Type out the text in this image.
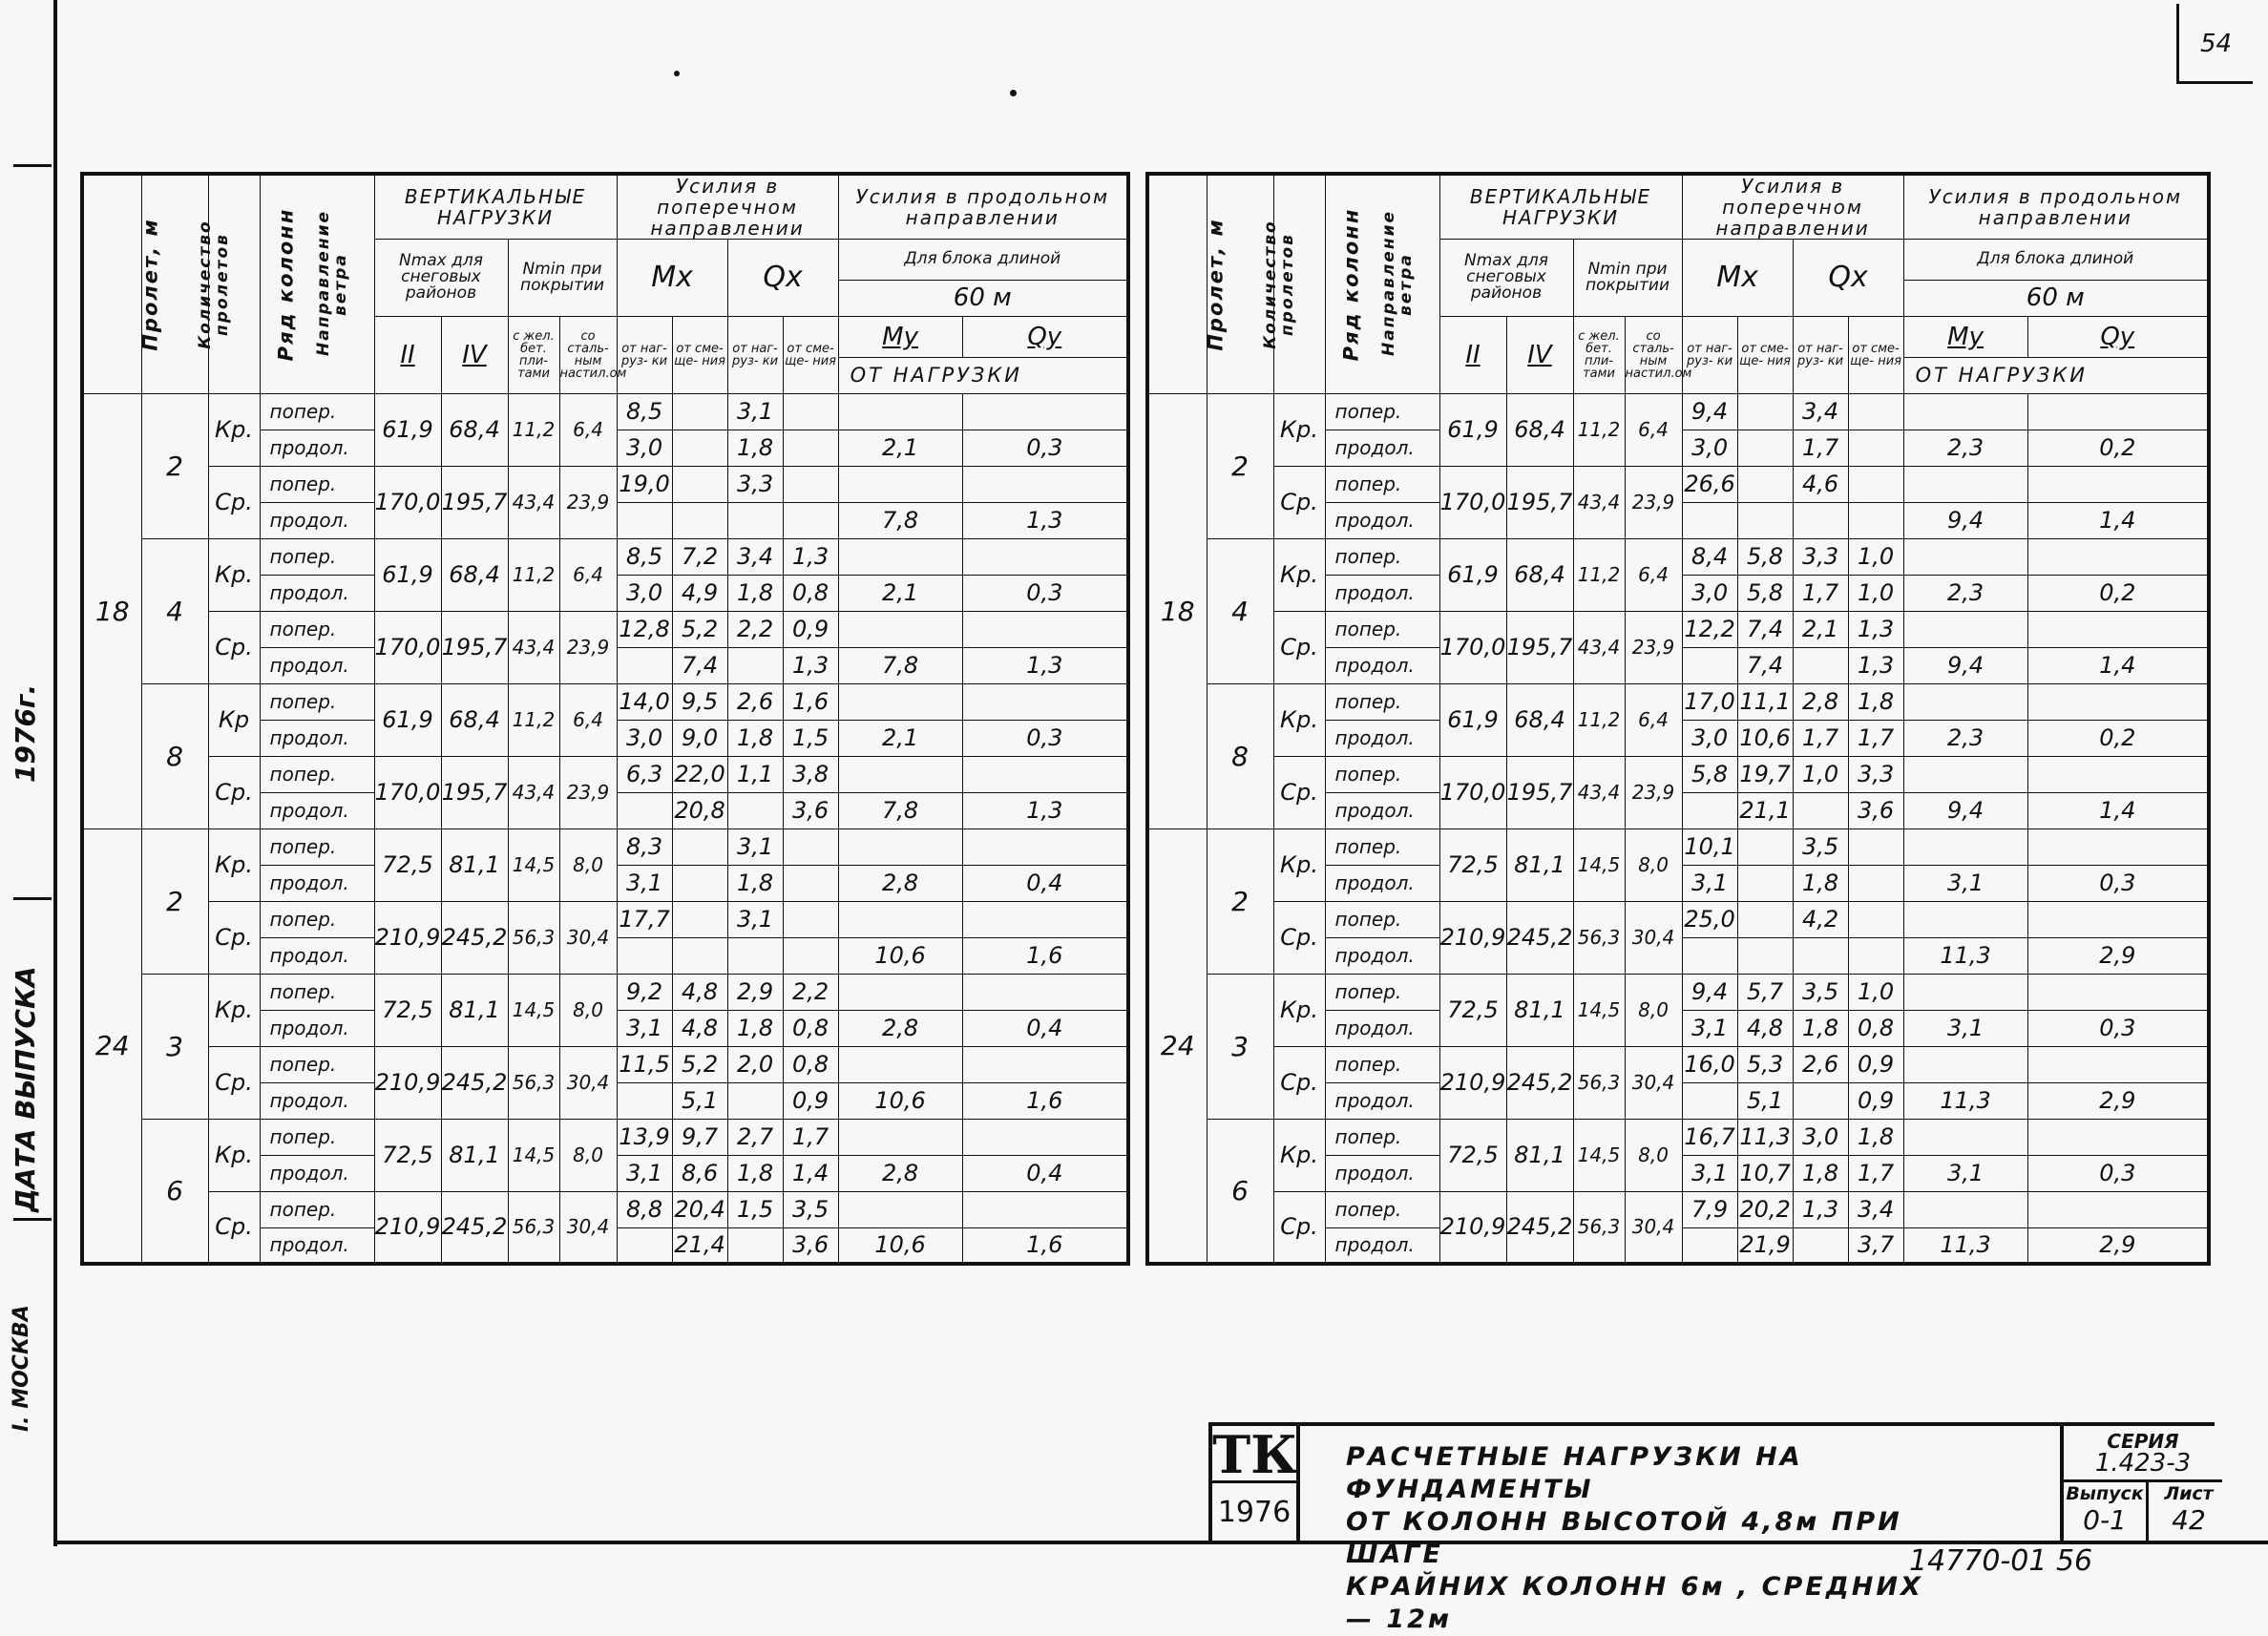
54
1976г.
ДАТА ВЫПУСКА
I. МОСКВА
Пролет, м	Количество пролетов	Ряд колонн	Направление ветра	ВЕРТИКАЛЬНЫЕ НАГРУЗКИ				Усилия в поперечном направлении				Усилия в продольном направлении	
				Nmax для снеговых районов		Nmin при покрытии		Mx		Qx		Для блока длиной	
												60 м	
				II	IV	с жел. бет. пли- тами	со сталь- ным настил.ом	от наг- руз- ки	от сме- ще- ния	от наг- руз- ки	от сме- ще- ния	My	Qy
												ОТ НАГРУЗКИ	
18	2	Кр.	попер.	61,9	68,4	11,2	6,4	8,5		3,1			
			продол.					3,0		1,8		2,1	0,3
		Ср.	попер.	170,0	195,7	43,4	23,9	19,0		3,3			
			продол.									7,8	1,3
	4	Кр.	попер.	61,9	68,4	11,2	6,4	8,5	7,2	3,4	1,3		
			продол.					3,0	4,9	1,8	0,8	2,1	0,3
		Ср.	попер.	170,0	195,7	43,4	23,9	12,8	5,2	2,2	0,9		
			продол.						7,4		1,3	7,8	1,3
	8	Кр	попер.	61,9	68,4	11,2	6,4	14,0	9,5	2,6	1,6		
			продол.					3,0	9,0	1,8	1,5	2,1	0,3
		Ср.	попер.	170,0	195,7	43,4	23,9	6,3	22,0	1,1	3,8		
			продол.						20,8		3,6	7,8	1,3
24	2	Кр.	попер.	72,5	81,1	14,5	8,0	8,3		3,1			
			продол.					3,1		1,8		2,8	0,4
		Ср.	попер.	210,9	245,2	56,3	30,4	17,7		3,1			
			продол.									10,6	1,6
	3	Кр.	попер.	72,5	81,1	14,5	8,0	9,2	4,8	2,9	2,2		
			продол.					3,1	4,8	1,8	0,8	2,8	0,4
		Ср.	попер.	210,9	245,2	56,3	30,4	11,5	5,2	2,0	0,8		
			продол.						5,1		0,9	10,6	1,6
	6	Кр.	попер.	72,5	81,1	14,5	8,0	13,9	9,7	2,7	1,7		
			продол.					3,1	8,6	1,8	1,4	2,8	0,4
		Ср.	попер.	210,9	245,2	56,3	30,4	8,8	20,4	1,5	3,5		
			продол.						21,4		3,6	10,6	1,6
Пролет, м	Количество пролетов	Ряд колонн	Направление ветра	ВЕРТИКАЛЬНЫЕ НАГРУЗКИ				Усилия в поперечном направлении				Усилия в продольном направлении	
				Nmax для снеговых районов		Nmin при покрытии		Mx		Qx		Для блока длиной	
												60 м	
				II	IV	с жел. бет. пли- тами	со сталь- ным настил.ом	от наг- руз- ки	от сме- ще- ния	от наг- руз- ки	от сме- ще- ния	My	Qy
												ОТ НАГРУЗКИ	
18	2	Кр.	попер.	61,9	68,4	11,2	6,4	9,4		3,4			
			продол.					3,0		1,7		2,3	0,2
		Ср.	попер.	170,0	195,7	43,4	23,9	26,6		4,6			
			продол.									9,4	1,4
	4	Кр.	попер.	61,9	68,4	11,2	6,4	8,4	5,8	3,3	1,0		
			продол.					3,0	5,8	1,7	1,0	2,3	0,2
		Ср.	попер.	170,0	195,7	43,4	23,9	12,2	7,4	2,1	1,3		
			продол.						7,4		1,3	9,4	1,4
	8	Кр.	попер.	61,9	68,4	11,2	6,4	17,0	11,1	2,8	1,8		
			продол.					3,0	10,6	1,7	1,7	2,3	0,2
		Ср.	попер.	170,0	195,7	43,4	23,9	5,8	19,7	1,0	3,3		
			продол.						21,1		3,6	9,4	1,4
24	2	Кр.	попер.	72,5	81,1	14,5	8,0	10,1		3,5			
			продол.					3,1		1,8		3,1	0,3
		Ср.	попер.	210,9	245,2	56,3	30,4	25,0		4,2			
			продол.									11,3	2,9
	3	Кр.	попер.	72,5	81,1	14,5	8,0	9,4	5,7	3,5	1,0		
			продол.					3,1	4,8	1,8	0,8	3,1	0,3
		Ср.	попер.	210,9	245,2	56,3	30,4	16,0	5,3	2,6	0,9		
			продол.						5,1		0,9	11,3	2,9
	6	Кр.	попер.	72,5	81,1	14,5	8,0	16,7	11,3	3,0	1,8		
			продол.					3,1	10,7	1,8	1,7	3,1	0,3
		Ср.	попер.	210,9	245,2	56,3	30,4	7,9	20,2	1,3	3,4		
			продол.						21,9		3,7	11,3	2,9
ТК
1976
РАСЧЕТНЫЕ НАГРУЗКИ НА ФУНДАМЕНТЫ
ОТ КОЛОНН ВЫСОТОЙ 4,8м ПРИ ШАГЕ
КРАЙНИХ КОЛОНН 6м , СРЕДНИХ — 12м
СЕРИЯ
1.423-3
Выпуск
0-1
Лист
42
14770-01 56
